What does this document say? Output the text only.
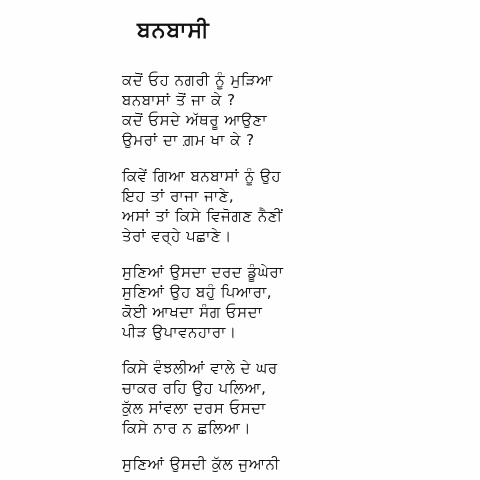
ਬਨਬਾਸੀ
ਕਦੋਂ ਓਹ ਨਗਰੀ ਨੂੰ ਮੁੜਿਆ
ਬਨਬਾਸਾਂ ਤੋਂ ਜਾ ਕੇ ?
ਕਦੋਂ ਓਸਦੇ ਅੱਥਰੂ ਆਉਣਾ
ਉਮਰਾਂ ਦਾ ਗ਼ਮ ਖਾ ਕੇ ?
ਕਿਵੇਂ ਗਿਆ ਬਨਬਾਸਾਂ ਨੂੰ ਉਹ
ਇਹ ਤਾਂ ਰਾਜਾ ਜਾਣੇ,
ਅਸਾਂ ਤਾਂ ਕਿਸੇ ਵਿਜੋਗਣ ਨੈਣੀਂ
ਤੇਰਾਂ ਵਰ੍ਹੇ ਪਛਾਣੇ।
ਸੁਣਿਆਂ ਉਸਦਾ ਦਰਦ ਡੂੰਘੇਰਾ
ਸੁਣਿਆਂ ਉਹ ਬਹੁੰ ਪਿਆਰਾ,
ਕੋਈ ਆਖਦਾ ਸੰਗ ਓਸਦਾ
ਪੀੜ ਉਪਾਵਨਹਾਰਾ।
ਕਿਸੇ ਵੰਝਲੀਆਂ ਵਾਲੇ ਦੇ ਘਰ
ਚਾਕਰ ਰਹਿ ਉਹ ਪਲਿਆ,
ਕੁੱਲ ਸਾਂਵਲਾ ਦਰਸ ਓਸਦਾ
ਕਿਸੇ ਨਾਰ ਨ ਛਲਿਆ।
ਸੁਣਿਆਂ ਉਸਦੀ ਕੁੱਲ ਜੁਆਨੀ
